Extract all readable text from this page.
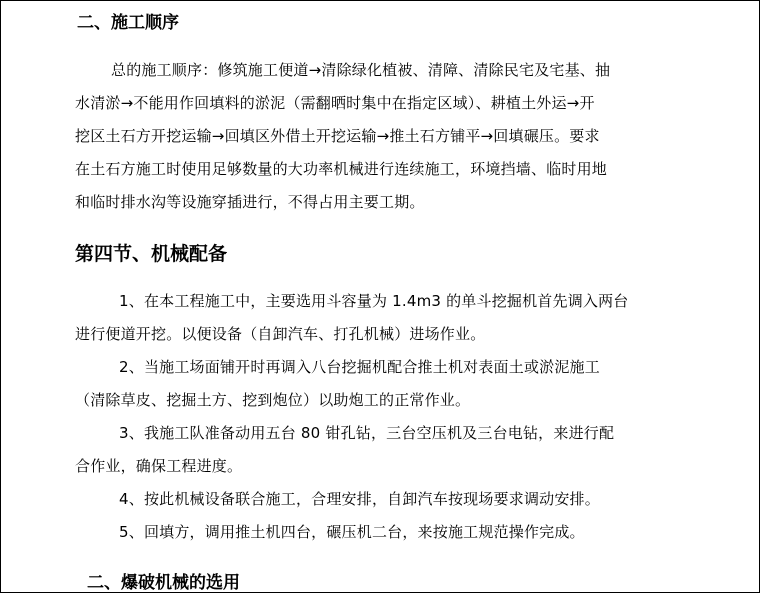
二、施工顺序
总的施工顺序：修筑施工便道→清除绿化植被、清障、清除民宅及宅基、抽
水清淤→不能用作回填料的淤泥（需翻晒时集中在指定区域）、耕植土外运→开
挖区土石方开挖运输→回填区外借土开挖运输→推土石方铺平→回填碾压。要求
在土石方施工时使用足够数量的大功率机械进行连续施工，环境挡墙、临时用地
和临时排水沟等设施穿插进行，不得占用主要工期。
第四节、机械配备
1、在本工程施工中，主要选用斗容量为 1.4m3 的单斗挖掘机首先调入两台
进行便道开挖。以便设备（自卸汽车、打孔机械）进场作业。
2、当施工场面铺开时再调入八台挖掘机配合推土机对表面土或淤泥施工
（清除草皮、挖掘土方、挖到炮位）以助炮工的正常作业。
3、我施工队准备动用五台 80 钳孔钻，三台空压机及三台电钻，来进行配
合作业，确保工程进度。
4、按此机械设备联合施工，合理安排，自卸汽车按现场要求调动安排。
5、回填方，调用推土机四台，碾压机二台，来按施工规范操作完成。
二、爆破机械的选用
